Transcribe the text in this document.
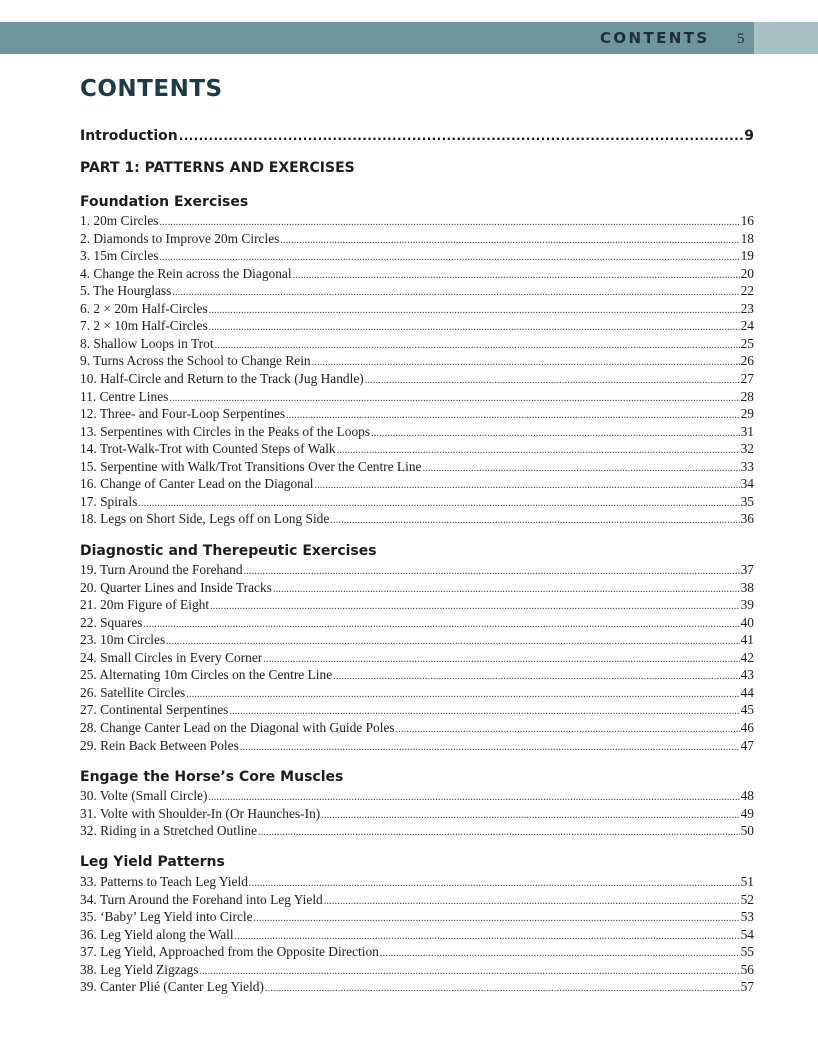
CONTENTS 5
CONTENTS
Introduction .....	9
PART 1: PATTERNS AND EXERCISES
Foundation Exercises
1. 20m Circles .....	16
2. Diamonds to Improve 20m Circles .....	18
3. 15m Circles .....	19
4. Change the Rein across the Diagonal .....	20
5. The Hourglass .....	22
6. 2 × 20m Half-Circles .....	23
7. 2 × 10m Half-Circles .....	24
8. Shallow Loops in Trot .....	25
9. Turns Across the School to Change Rein .....	26
10. Half-Circle and Return to the Track (Jug Handle) .....	27
11. Centre Lines .....	28
12. Three- and Four-Loop Serpentines .....	29
13. Serpentines with Circles in the Peaks of the Loops .....	31
14. Trot-Walk-Trot with Counted Steps of Walk .....	32
15. Serpentine with Walk/Trot Transitions Over the Centre Line .....	33
16. Change of Canter Lead on the Diagonal .....	34
17. Spirals .....	35
18. Legs on Short Side, Legs off on Long Side .....	36
Diagnostic and Therepeutic Exercises
19. Turn Around the Forehand .....	37
20. Quarter Lines and Inside Tracks .....	38
21. 20m Figure of Eight .....	39
22. Squares .....	40
23. 10m Circles .....	41
24. Small Circles in Every Corner .....	42
25. Alternating 10m Circles on the Centre Line .....	43
26. Satellite Circles .....	44
27. Continental Serpentines .....	45
28. Change Canter Lead on the Diagonal with Guide Poles .....	46
29. Rein Back Between Poles .....	47
Engage the Horse’s Core Muscles
30. Volte (Small Circle) .....	48
31. Volte with Shoulder-In (Or Haunches-In) .....	49
32. Riding in a Stretched Outline .....	50
Leg Yield Patterns
33. Patterns to Teach Leg Yield .....	51
34. Turn Around the Forehand into Leg Yield .....	52
35. ‘Baby’ Leg Yield into Circle .....	53
36. Leg Yield along the Wall .....	54
37. Leg Yield, Approached from the Opposite Direction .....	55
38. Leg Yield Zigzags .....	56
39. Canter Plié (Canter Leg Yield) .....	57
